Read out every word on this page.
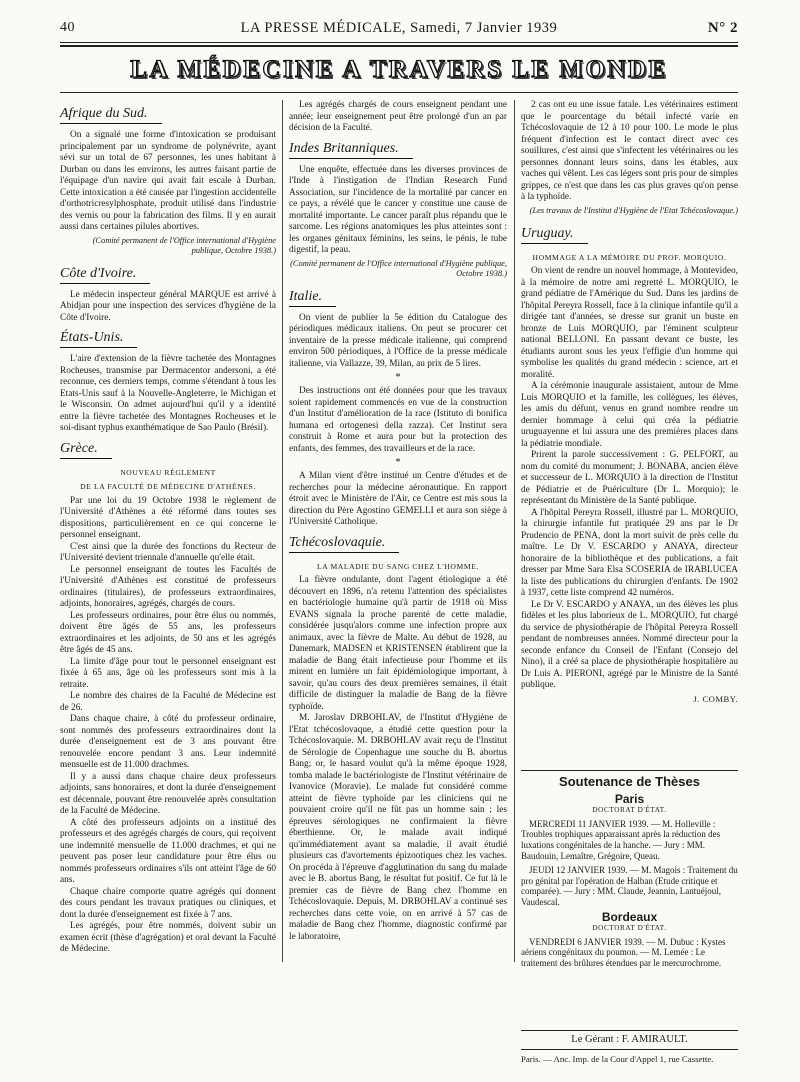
40	LA PRESSE MÉDICALE, Samedi, 7 Janvier 1939	N° 2
LA MÉDECINE A TRAVERS LE MONDE
Afrique du Sud.

On a signalé une forme d'intoxication se produisant principalement par un syndrome de polynévrite, ayant sévi sur un total de 67 personnes, les unes habitant à Durban ou dans les environs, les autres faisant partie de l'équipage d'un navire qui avait fait escale à Durban. Cette intoxication a été causée par l'ingestion accidentelle d'orthotricresylphosphate, produit utilisé dans l'industrie des vernis ou pour la fabrication des films. Il y en aurait aussi dans certaines pilules abortives.

(Comité permanent de l'Office international d'Hygiène publique, Octobre 1938.)
Côte d'Ivoire.

Le médecin inspecteur général MARQUE est arrivé à Abidjan pour une inspection des services d'hygiène de la Côte d'Ivoire.

États-Unis.

L'aire d'extension de la fièvre tachetée des Montagnes Rocheuses, transmise par Dermacentor andersoni, a été reconnue, ces derniers temps, comme s'étendant à tous les Etats-Unis sauf à la Nouvelle-Angleterre, le Michigan et le Wisconsin. On admet aujourd'hui qu'il y a identité entre la fièvre tachetée des Montagnes Rocheuses et le soi-disant typhus exanthématique de Sao Paulo (Brésil).

Grèce.
NOUVEAU RÈGLEMENT
DE LA FACULTÉ DE MÉDECINE D'ATHÈNES.

Par une loi du 19 Octobre 1938 le règlement de l'Université d'Athènes a été réformé dans toutes ses dispositions, particulièrement en ce qui concerne le personnel enseignant.

C'est ainsi que la durée des fonctions du Recteur de l'Université devient triennale d'annuelle qu'elle était.

Le personnel enseignant de toutes les Facultés de l'Université d'Athènes est constitué de professeurs ordinaires (titulaires), de professeurs extraordinaires, adjoints, honoraires, agrégés, chargés de cours.

Les professeurs ordinaires, pour être élus ou nommés, doivent être âgés de 55 ans, les professeurs extraordinaires et les adjoints, de 50 ans et les agrégés être âgés de 45 ans.

La limite d'âge pour tout le personnel enseignant est fixée à 65 ans, âge où les professeurs sont mis à la retraite.

Le nombre des chaires de la Faculté de Médecine est de 26.

Dans chaque chaire, à côté du professeur ordinaire, sont nommés des professeurs extraordinaires dont la durée d'enseignement est de 3 ans pouvant être renouvelée encore pendant 3 ans. Leur indemnité mensuelle est de 11.000 drachmes.

Il y a aussi dans chaque chaire deux professeurs adjoints, sans honoraires, et dont la durée d'enseignement est décennale, pouvant être renouvelée après consultation de la Faculté de Médecine.

A côté des professeurs adjoints on a institué des professeurs et des agrégés chargés de cours, qui reçoivent une indemnité mensuelle de 11.000 drachmes, et qui ne peuvent pas poser leur candidature pour être élus ou nommés professeurs ordinaires s'ils ont atteint l'âge de 60 ans.

Chaque chaire comporte quatre agrégés qui donnent des cours pendant les travaux pratiques ou cliniques, et dont la durée d'enseignement est fixée à 7 ans.

Les agrégés, pour être nommés, doivent subir un examen écrit (thèse d'agrégation) et oral devant la Faculté de Médecine.

Les agrégés chargés de cours enseignent pendant une année; leur enseignement peut être prolongé d'un an par décision de la Faculté.

Indes Britanniques.

Une enquête, effectuée dans les diverses provinces de l'Inde à l'instigation de l'Indian Research Fund Association, sur l'incidence de la mortalité par cancer en ce pays, a révélé que le cancer y constitue une cause de mortalité importante. Le cancer paraît plus répandu que le sarcome. Les régions anatomiques les plus atteintes sont : les organes génitaux féminins, les seins, le pénis, le tube digestif, la peau.

(Comité permanent de l'Office international d'Hygiène publique, Octobre 1938.)
Italie.

On vient de publier la 5e édition du Catalogue des périodiques médicaux italiens. On peut se procurer cet inventaire de la presse médicale italienne, qui comprend environ 500 périodiques, à l'Office de la presse médicale italienne, via Vallazze, 39, Milan, au prix de 5 lires.

*

Des instructions ont été données pour que les travaux soient rapidement commencés en vue de la construction d'un Institut d'amélioration de la race (Istituto di bonifica humana ed ortogenesi della razza). Cet Institut sera construit à Rome et aura pour but la protection des enfants, des femmes, des travailleurs et de la race.

*

A Milan vient d'être institué un Centre d'études et de recherches pour la médecine aéronautique. En rapport étroit avec le Ministère de l'Air, ce Centre est mis sous la direction du Père Agostino GEMELLI et aura son siège à l'Université Catholique.

Tchécoslovaquie.
LA MALADIE DU SANG CHEZ L'HOMME.

La fièvre ondulante, dont l'agent étiologique a été découvert en 1896, n'a retenu l'attention des spécialistes en bactériologie humaine qu'à partir de 1918 où Miss EVANS signala la proche parenté de cette maladie, considérée jusqu'alors comme une infection propre aux animaux, avec la fièvre de Malte. Au début de 1928, au Danemark, MADSEN et KRISTENSEN établirent que la maladie de Bang était infectieuse pour l'homme et ils mirent en lumière un fait épidémiologique important, à savoir, qu'au cours des deux premières semaines, il était difficile de distinguer la maladie de Bang de la fièvre typhoïde.

M. Jaroslav DRBOHLAV, de l'Institut d'Hygiène de l'Etat tchécoslovaque, a étudié cette question pour la Tchécoslovaquie. M. DRBOHLAV avait reçu de l'Institut de Sérologie de Copenhague une souche du B. abortus Bang; or, le hasard voulut qu'à la même époque 1928, tomba malade le bactériologiste de l'Institut vétérinaire de Ivanovice (Moravie). Le malade fut considéré comme atteint de fièvre typhoïde par les cliniciens qui ne pouvaient croire qu'il ne fût pas un homme sain ; les épreuves sérologiques ne confirmaient la fièvre éberthienne. Or, le malade avait indiqué qu'immédiatement avant sa maladie, il avait étudié plusieurs cas d'avortements épizootiques chez les vaches. On procéda à l'épreuve d'agglutination du sang du malade avec le B. abortus Bang, le résultat fut positif. Ce fut là le premier cas de fièvre de Bang chez l'homme en Tchécoslovaquie. Depuis, M. DRBOHLAV a continué ses recherches dans cette voie, on en arrivé à 57 cas de maladie de Bang chez l'homme, diagnostic confirmé par le laboratoire,

2 cas ont eu une issue fatale. Les vétérinaires estiment que le pourcentage du bétail infecté varie en Tchécoslovaquie de 12 à 10 pour 100. Le mode le plus fréquent d'infection est le contact direct avec ces souillures, c'est ainsi que s'infectent les vétérinaires ou les personnes donnant leurs soins, dans les étables, aux vaches qui vêlent. Les cas légers sont pris pour de simples grippes, ce n'est que dans les cas plus graves qu'on pense à la typhoïde.

(Les travaux de l'Institut d'Hygiène de l'Etat Tchécoslovaque.)
Uruguay.
HOMMAGE A LA MÉMOIRE DU PROF. MORQUIO.

On vient de rendre un nouvel hommage, à Montevideo, à la mémoire de notre ami regretté L. MORQUIO, le grand pédiatre de l'Amérique du Sud. Dans les jardins de l'hôpital Pereyra Rossell, face à la clinique infantile qu'il a dirigée tant d'années, se dresse sur granit un buste en bronze de Luis MORQUIO, par l'éminent sculpteur national BELLONI. En passant devant ce buste, les étudiants auront sous les yeux l'effigie d'un homme qui symbolise les qualités du grand médecin : science, art et moralité.

A la cérémonie inaugurale assistaient, autour de Mme Luis MORQUIO et la famille, les collègues, les élèves, les amis du défunt, venus en grand nombre rendre un dernier hommage à celui qui créa la pédiatrie uruguayenne et lui assura une des premières places dans la pédiatrie mondiale.

Prirent la parole successivement : G. PELFORT, au nom du comité du monument; J. BONABA, ancien élève et successeur de L. MORQUIO à la direction de l'Institut de Pédiatrie et de Puériculture (Dr L. Morquio); le représentant du Ministère de la Santé publique.

A l'hôpital Pereyra Rossell, illustré par L. MORQUIO, la chirurgie infantile fut pratiquée 29 ans par le Dr Prudencio de PENA, dont la mort suivit de près celle du maître. Le Dr V. ESCARDO y ANAYA, directeur honoraire de la bibliothèque et des publications, a fait dresser par Mme Sara Elsa SCOSERIA de IRABLUCEA la liste des publications du chirurgien d'enfants. De 1902 à 1937, cette liste comprend 42 numéros.

Le Dr V. ESCARDO y ANAYA, un des élèves les plus fidèles et les plus laborieux de L. MORQUIO, fut chargé du service de physiothérapie de l'hôpital Pereyra Rossell pendant de nombreuses années. Nommé directeur pour la seconde enfance du Conseil de l'Enfant (Consejo del Nino), il a créé sa place de physiothérapie hospitalière au Dr Luis A. PIERONI, agrégé par le Ministre de la Santé publique.

J. COMBY.
Soutenance de Thèses
Paris
DOCTORAT D'ÉTAT.

MERCREDI 11 JANVIER 1939. — M. Holleville : Troubles trophiques apparaissant après la réduction des luxations congénitales de la hanche. — Jury : MM. Baudouin, Lemaître, Grégoire, Queau.

JEUDI 12 JANVIER 1939. — M. Magois : Traitement du pro génital par l'opération de Halban (Etude critique et comparée). — Jury : MM. Claude, Jeannin, Lantuéjoul, Vaudescal.

Bordeaux
DOCTORAT D'ÉTAT.

VENDREDI 6 JANVIER 1939. — M. Dubuc : Kystes aériens congénitaux du poumon. — M. Lemée : Le traitement des brûlures étendues par le mercurochrome.

Le Gérant : F. AMIRAULT.
Paris. — Anc. Imp. de la Cour d'Appel 1, rue Cassette.
